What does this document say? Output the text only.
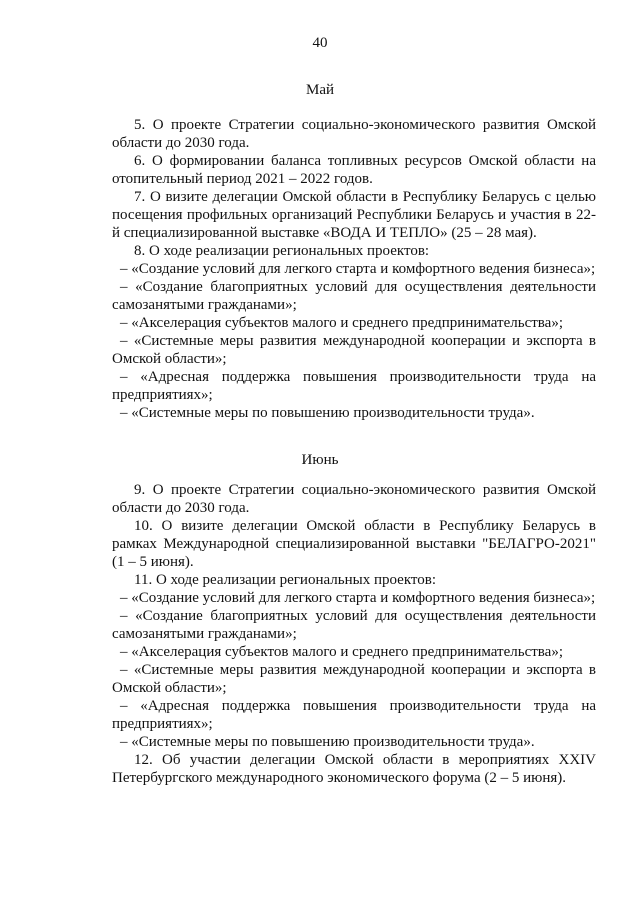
40
Май

5. О проекте Стратегии социально-экономического развития Омской области до 2030 года.

6. О формировании баланса топливных ресурсов Омской области на отопительный период 2021 – 2022 годов.

7. О визите делегации Омской области в Республику Беларусь с целью посещения профильных организаций Республики Беларусь и участия в 22-й специализированной выставке «ВОДА И ТЕПЛО» (25 – 28 мая).

8. О ходе реализации региональных проектов:

– «Создание условий для легкого старта и комфортного ведения бизнеса»;

– «Создание благоприятных условий для осуществления деятельности самозанятыми гражданами»;

– «Акселерация субъектов малого и среднего предпринимательства»;

– «Системные меры развития международной кооперации и экспорта в Омской области»;

– «Адресная поддержка повышения производительности труда на предприятиях»;

– «Системные меры по повышению производительности труда».

Июнь

9. О проекте Стратегии социально-экономического развития Омской области до 2030 года.

10. О визите делегации Омской области в Республику Беларусь в рамках Международной специализированной выставки "БЕЛАГРО-2021" (1 – 5 июня).

11. О ходе реализации региональных проектов:

– «Создание условий для легкого старта и комфортного ведения бизнеса»;

– «Создание благоприятных условий для осуществления деятельности самозанятыми гражданами»;

– «Акселерация субъектов малого и среднего предпринимательства»;

– «Системные меры развития международной кооперации и экспорта в Омской области»;

– «Адресная поддержка повышения производительности труда на предприятиях»;

– «Системные меры по повышению производительности труда».

12. Об участии делегации Омской области в мероприятиях XXIV Петербургского международного экономического форума (2 – 5 июня).
